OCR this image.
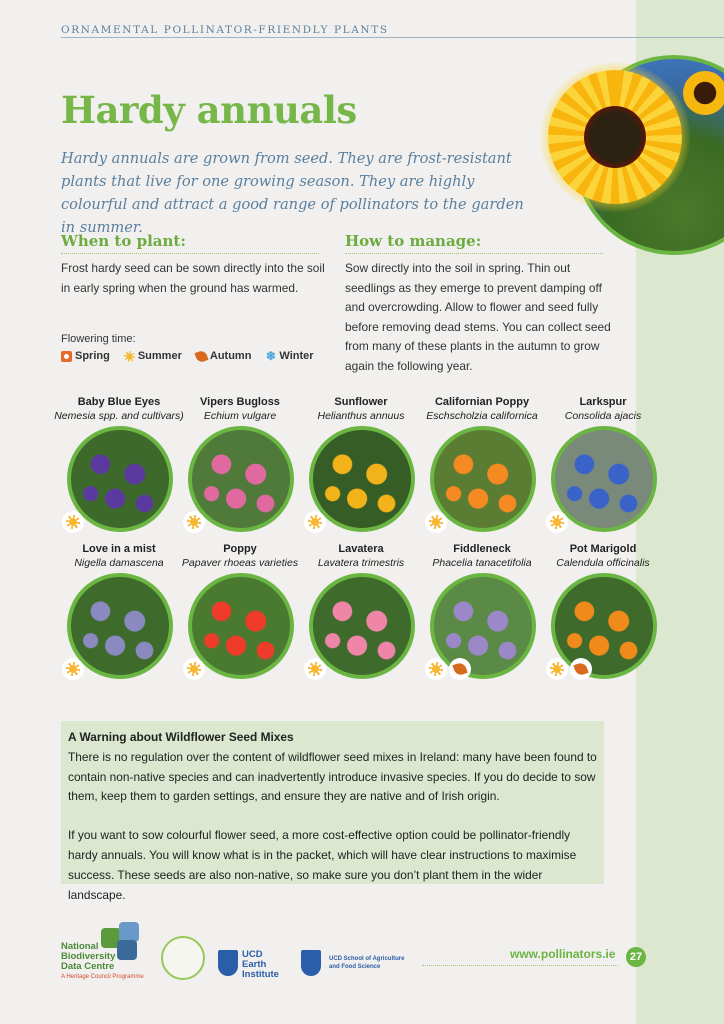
ORNAMENTAL POLLINATOR-FRIENDLY PLANTS
Hardy annuals

Hardy annuals are grown from seed. They are frost-resistant plants that live for one growing season. They are highly colourful and attract a good range of pollinators to the garden in summer.

When to plant:

Frost hardy seed can be sown directly into the soil in early spring when the ground has warmed.

How to manage:

Sow directly into the soil in spring. Thin out seedlings as they emerge to prevent damping off and overcrowding. Allow to flower and seed fully before removing dead stems. You can collect seed from many of these plants in the autumn to grow again the following year.

Flowering time:
Spring	Summer	Autumn ❄ Winter
Baby Blue Eyes
Nemesia spp. and cultivars)
Vipers Bugloss
Echium vulgare
Sunflower
Helianthus annuus
Californian Poppy
Eschscholzia californica
Larkspur
Consolida ajacis
Love in a mist
Nigella damascena
Poppy
Papaver rhoeas varieties
Lavatera
Lavatera trimestris
Fiddleneck
Phacelia tanacetifolia
Pot Marigold
Calendula officinalis
A Warning about Wildflower Seed Mixes

There is no regulation over the content of wildflower seed mixes in Ireland: many have been found to contain non-native species and can inadvertently introduce invasive species. If you do decide to sow them, keep them to garden settings, and ensure they are native and of Irish origin.

If you want to sow colourful flower seed, a more cost-effective option could be pollinator-friendly hardy annuals. You will know what is in the packet, which will have clear instructions to maximise success. These seeds are also non-native, so make sure you don’t plant them in the wider landscape.

National
Biodiversity
Data Centre
A Heritage Council Programme
UCD
Earth
Institute
UCD School of Agriculture
and Food Science
www.pollinators.ie	27
